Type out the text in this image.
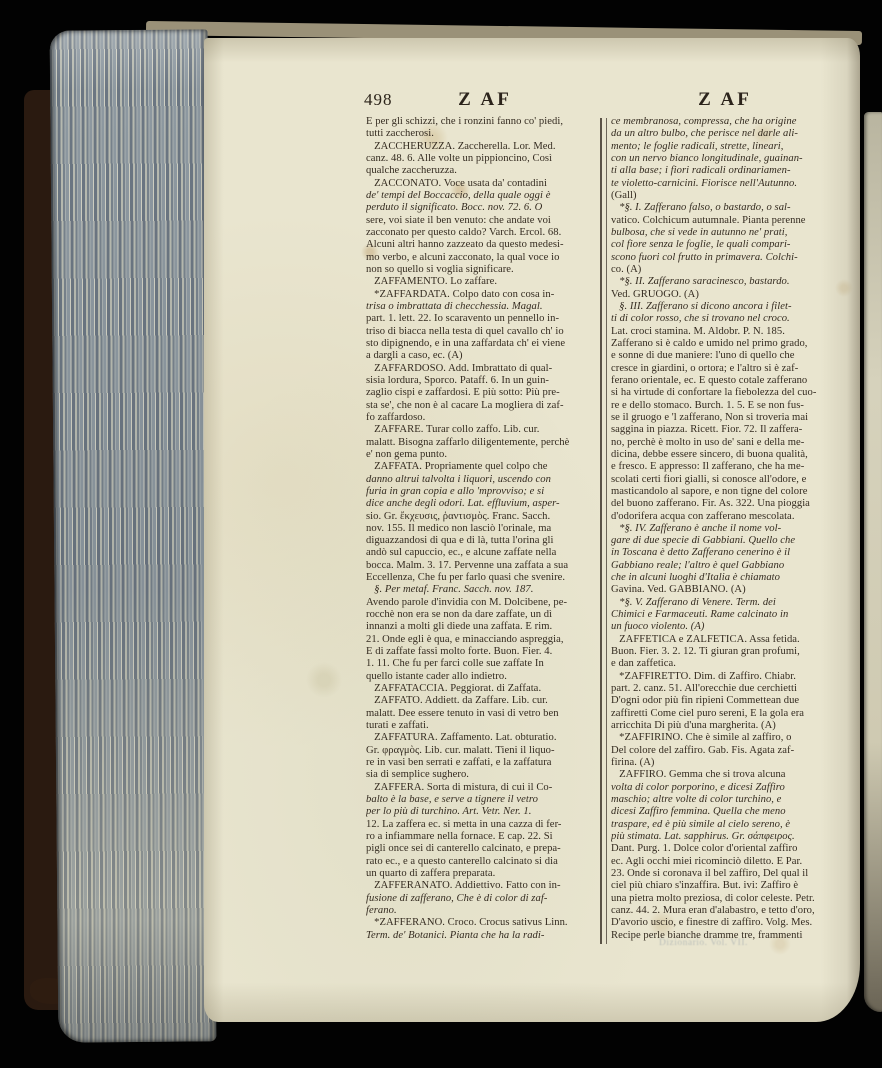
498	Z AF	Z AF
E per gli schizzi, che i ronzini fanno co' piedi,
tutti zaccherosi.
ZACCHERUZZA. Zaccherella. Lor. Med.
canz. 48. 6. Alle volte un pippioncino, Così
qualche zaccheruzza.
ZACCONATO. Voce usata da' contadini
de' tempi del Boccaccio, della quale oggi è
perduto il significato. Bocc. nov. 72. 6. O
sere, voi siate il ben venuto: che andate voi
zacconato per questo caldo? Varch. Ercol. 68.
Alcuni altri hanno zazzeato da questo medesi-
mo verbo, e alcuni zacconato, la qual voce io
non so quello si voglia significare.
ZAFFAMENTO. Lo zaffare.
*ZAFFARDATA. Colpo dato con cosa in-
trisa o imbrattata di checchessia. Magal.
part. 1. lett. 22. Io scaravento un pennello in-
triso di biacca nella testa di quel cavallo ch' io
sto dipignendo, e in una zaffardata ch' ei viene
a dargli a caso, ec. (A)
ZAFFARDOSO. Add. Imbrattato di qual-
sisia lordura, Sporco. Pataff. 6. In un guin-
zaglio cispi e zaffardosi. E più sotto: Più pre-
sta se', che non è al cacare La mogliera di zaf-
fo zaffardoso.
ZAFFARE. Turar collo zaffo. Lib. cur.
malatt. Bisogna zaffarlo diligentemente, perchè
e' non gema punto.
ZAFFATA. Propriamente quel colpo che
danno altrui talvolta i liquori, uscendo con
furia in gran copia e allo 'mprovviso; e si
dice anche degli odori. Lat. effluvium, asper-
sio. Gr. ἔκχευσις, ῥαντισμὸς. Franc. Sacch.
nov. 155. Il medico non lasciò l'orinale, ma
diguazzandosi di qua e di là, tutta l'orina gli
andò sul capuccio, ec., e alcune zaffate nella
bocca. Malm. 3. 17. Pervenne una zaffata a sua
Eccellenza, Che fu per farlo quasi che svenire.
§. Per metaf. Franc. Sacch. nov. 187.
Avendo parole d'invidia con M. Dolcibene, pe-
rocchè non era se non da dare zaffate, un dì
innanzi a molti gli diede una zaffata. E rim.
21. Onde egli è qua, e minacciando aspreggia,
E di zaffate fassi molto forte. Buon. Fier. 4.
1. 11. Che fu per farci colle sue zaffate In
quello istante cader allo indietro.
ZAFFATACCIA. Peggiorat. di Zaffata.
ZAFFATO. Addiett. da Zaffare. Lib. cur.
malatt. Dee essere tenuto in vasi di vetro ben
turati e zaffati.
ZAFFATURA. Zaffamento. Lat. obturatio.
Gr. φραγμὸς. Lib. cur. malatt. Tieni il liquo-
re in vasi ben serrati e zaffati, e la zaffatura
sia di semplice sughero.
ZAFFERA. Sorta di mistura, di cui il Co-
balto è la base, e serve a tignere il vetro
per lo più di turchino. Art. Vetr. Ner. 1.
12. La zaffera ec. si metta in una cazza di fer-
ro a infiammare nella fornace. E cap. 22. Si
pigli once sei di canterello calcinato, e prepa-
rato ec., e a questo canterello calcinato si dia
un quarto di zaffera preparata.
ZAFFERANATO. Addiettivo. Fatto con in-
fusione di zafferano, Che è di color di zaf-
ferano.
*ZAFFERANO. Croco. Crocus sativus Linn.
Term. de' Botanici. Pianta che ha la radi-
ce membranosa, compressa, che ha origine
da un altro bulbo, che perisce nel darle ali-
mento; le foglie radicali, strette, lineari,
con un nervo bianco longitudinale, guainan-
ti alla base; i fiori radicali ordinariamen-
te violetto-carnicini. Fiorisce nell'Autunno.
(Gall)
*§. I. Zafferano falso, o bastardo, o sal-
vatico. Colchicum autumnale. Pianta perenne
bulbosa, che si vede in autunno ne' prati,
col fiore senza le foglie, le quali compari-
scono fuori col frutto in primavera. Colchi-
co. (A)
*§. II. Zafferano saracinesco, bastardo.
Ved. GRUOGO. (A)
§. III. Zafferano si dicono ancora i filet-
ti di color rosso, che si trovano nel croco.
Lat. croci stamina. M. Aldobr. P. N. 185.
Zafferano si è caldo e umido nel primo grado,
e sonne di due maniere: l'uno di quello che
cresce in giardini, o ortora; e l'altro si è zaf-
ferano orientale, ec. E questo cotale zafferano
si ha virtude di confortare la fiebolezza del cuo-
re e dello stomaco. Burch. 1. 5. E se non fus-
se il gruogo e 'l zafferano, Non si troveria mai
saggina in piazza. Ricett. Fior. 72. Il zaffera-
no, perchè è molto in uso de' sani e della me-
dicina, debbe essere sincero, di buona qualità,
e fresco. E appresso: Il zafferano, che ha me-
scolati certi fiori gialli, si conosce all'odore, e
masticandolo al sapore, e non tigne del colore
del buono zafferano. Fir. As. 322. Una pioggia
d'odorifera acqua con zafferano mescolata.
*§. IV. Zafferano è anche il nome vol-
gare di due specie di Gabbiani. Quello che
in Toscana è detto Zafferano cenerino è il
Gabbiano reale; l'altro è quel Gabbiano
che in alcuni luoghi d'Italia è chiamato
Gavina. Ved. GABBIANO. (A)
*§. V. Zafferano di Venere. Term. dei
Chimici e Farmaceuti. Rame calcinato in
un fuoco violento. (A)
ZAFFETICA e ZALFETICA. Assa fetida.
Buon. Fier. 3. 2. 12. Ti giuran gran profumi,
e dan zaffetica.
*ZAFFIRETTO. Dim. di Zaffiro. Chiabr.
part. 2. canz. 51. All'orecchie due cerchietti
D'ogni odor più fin ripieni Commettean due
zaffiretti Come ciel puro sereni, E la gola era
arricchita Di più d'una margherita. (A)
*ZAFFIRINO. Che è simile al zaffiro, o
Del colore del zaffiro. Gab. Fis. Agata zaf-
firina. (A)
ZAFFIRO. Gemma che si trova alcuna
volta di color porporino, e dicesi Zaffiro
maschio; altre volte di color turchino, e
dicesi Zaffiro femmina. Quella che meno
traspare, ed è più simile al cielo sereno, è
più stimata. Lat. sapphirus. Gr. σάπφειρος.
Dant. Purg. 1. Dolce color d'oriental zaffiro
ec. Agli occhi miei ricominciò diletto. E Par.
23. Onde si coronava il bel zaffiro, Del qual il
ciel più chiaro s'inzaffira. But. ivi: Zaffiro è
una pietra molto preziosa, di color celeste. Petr.
canz. 44. 2. Mura eran d'alabastro, e tetto d'oro,
D'avorio uscio, e finestre di zaffiro. Volg. Mes.
Recipe perle bianche dramme tre, frammenti
Dizionario. Vol. VII.
